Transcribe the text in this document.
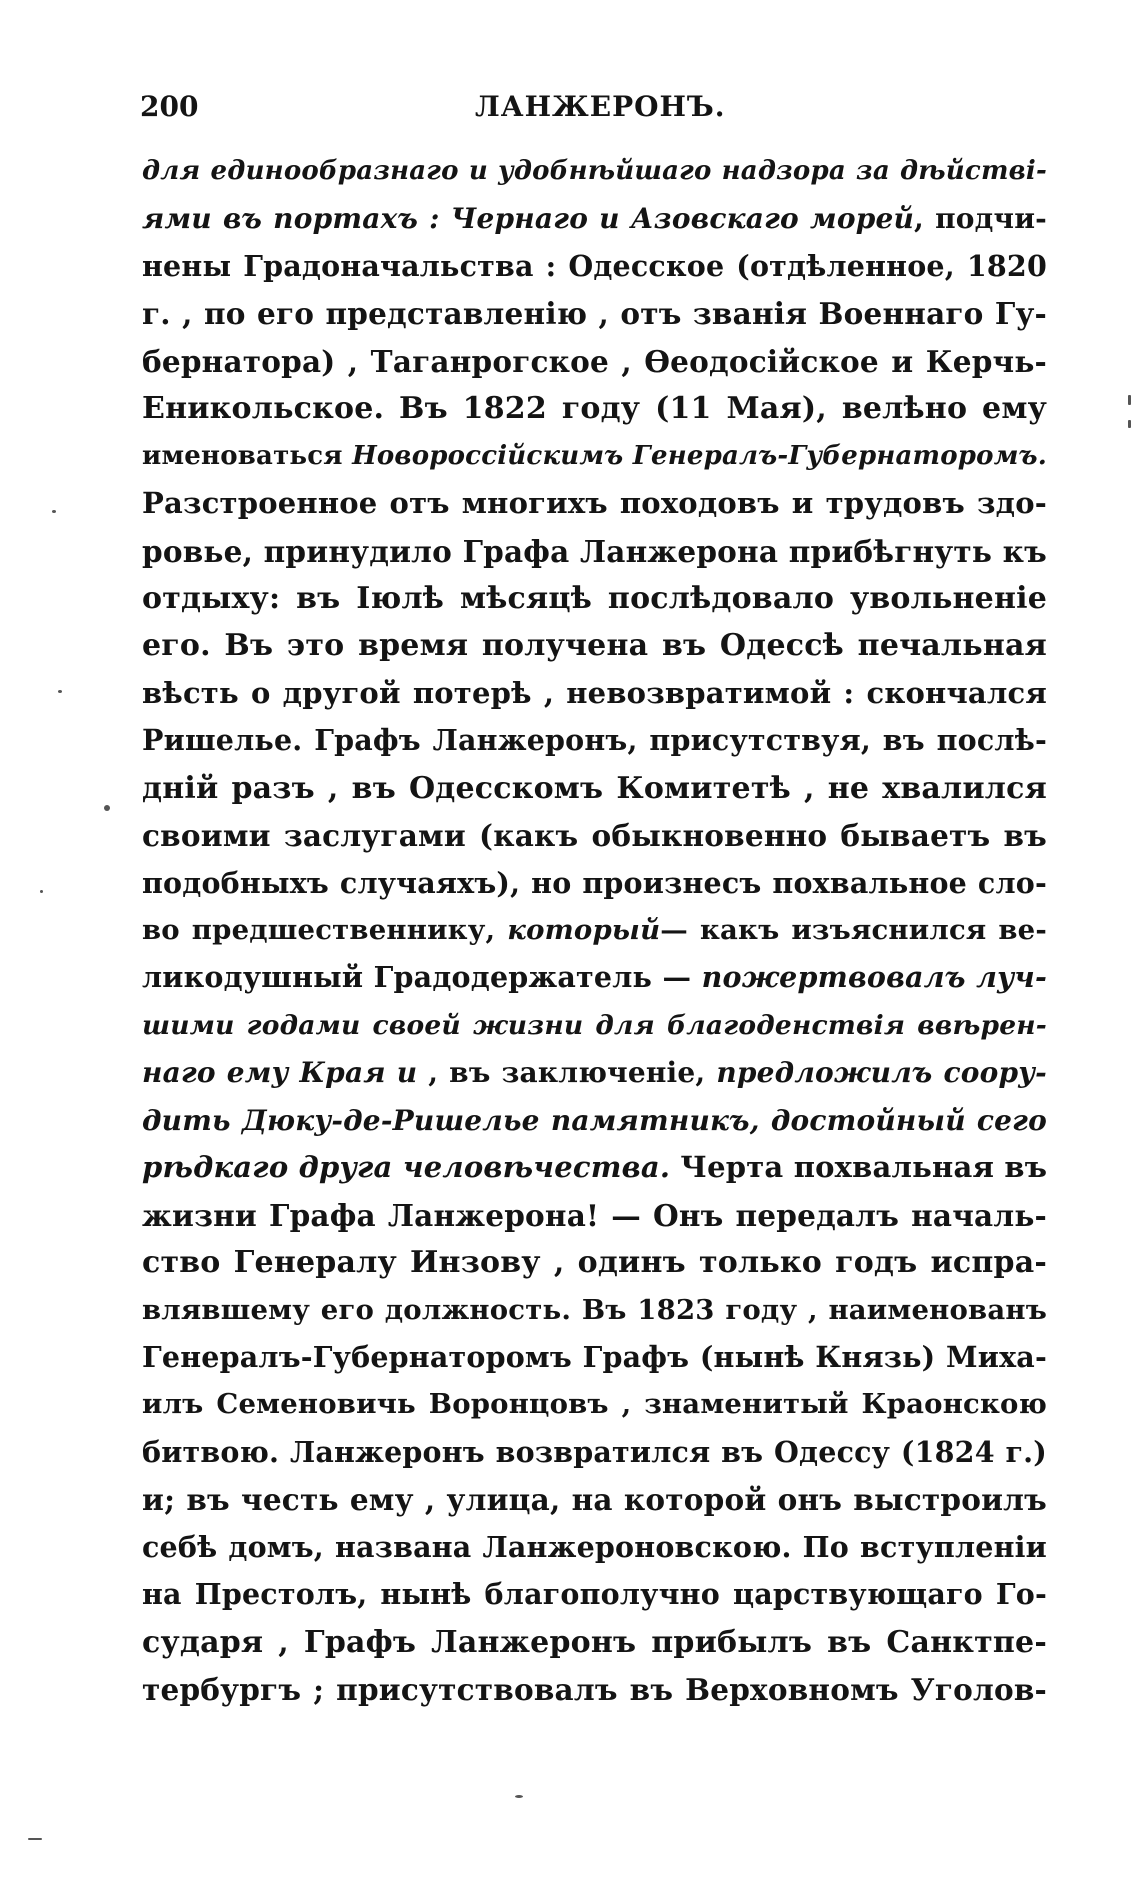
200	ЛАНЖЕРОНЪ.
для единообразнаго и удобнѣйшаго надзора за дѣйствi-
ями въ портахъ : Чернаго и Азовскаго морей, подчи-
нены Градоначальства : Одесское (отдѣленное, 1820
г. , по его представленiю , отъ званiя Военнаго Гу-
бернатора) , Таганрогское , Ѳеодосiйское и Керчь-
Еникольское. Въ 1822 году (11 Мая), велѣно ему
именоваться Новороссiйскимъ Генералъ-Губернаторомъ.
Разстроенное отъ многихъ походовъ и трудовъ здо-
ровье, принудило Графа Ланжерона прибѣгнуть къ
отдыху: въ Iюлѣ мѣсяцѣ послѣдовало увольненiе
его. Въ это время получена въ Одессѣ печальная
вѣсть о другой потерѣ , невозвратимой : скончался
Ришелье. Графъ Ланжеронъ, присутствуя, въ послѣ-
днiй разъ , въ Одесскомъ Комитетѣ , не хвалился
своими заслугами (какъ обыкновенно бываетъ въ
подобныхъ случаяхъ), но произнесъ похвальное сло-
во предшественнику, который— какъ изъяснился ве-
ликодушный Градодержатель — пожертвовалъ луч-
шими годами своей жизни для благоденствiя ввѣрен-
наго ему Края и , въ заключенiе, предложилъ соору-
дить Дюку-де-Ришелье памятникъ, достойный сего
рѣдкаго друга человѣчества. Черта похвальная въ
жизни Графа Ланжерона! — Онъ передалъ началь-
ство Генералу Инзову , одинъ только годъ испра-
влявшему его должность. Въ 1823 году , наименованъ
Генералъ-Губернаторомъ Графъ (нынѣ Князь) Миха-
илъ Семеновичь Воронцовъ , знаменитый Краонскою
битвою. Ланжеронъ возвратился въ Одессу (1824 г.)
и; въ честь ему , улица, на которой онъ выстроилъ
себѣ домъ, названа Ланжероновскою. По вступленiи
на Престолъ, нынѣ благополучно царствующаго Го-
сударя , Графъ Ланжеронъ прибылъ въ Санктпе-
тербургъ ; присутствовалъ въ Верховномъ Уголов-
